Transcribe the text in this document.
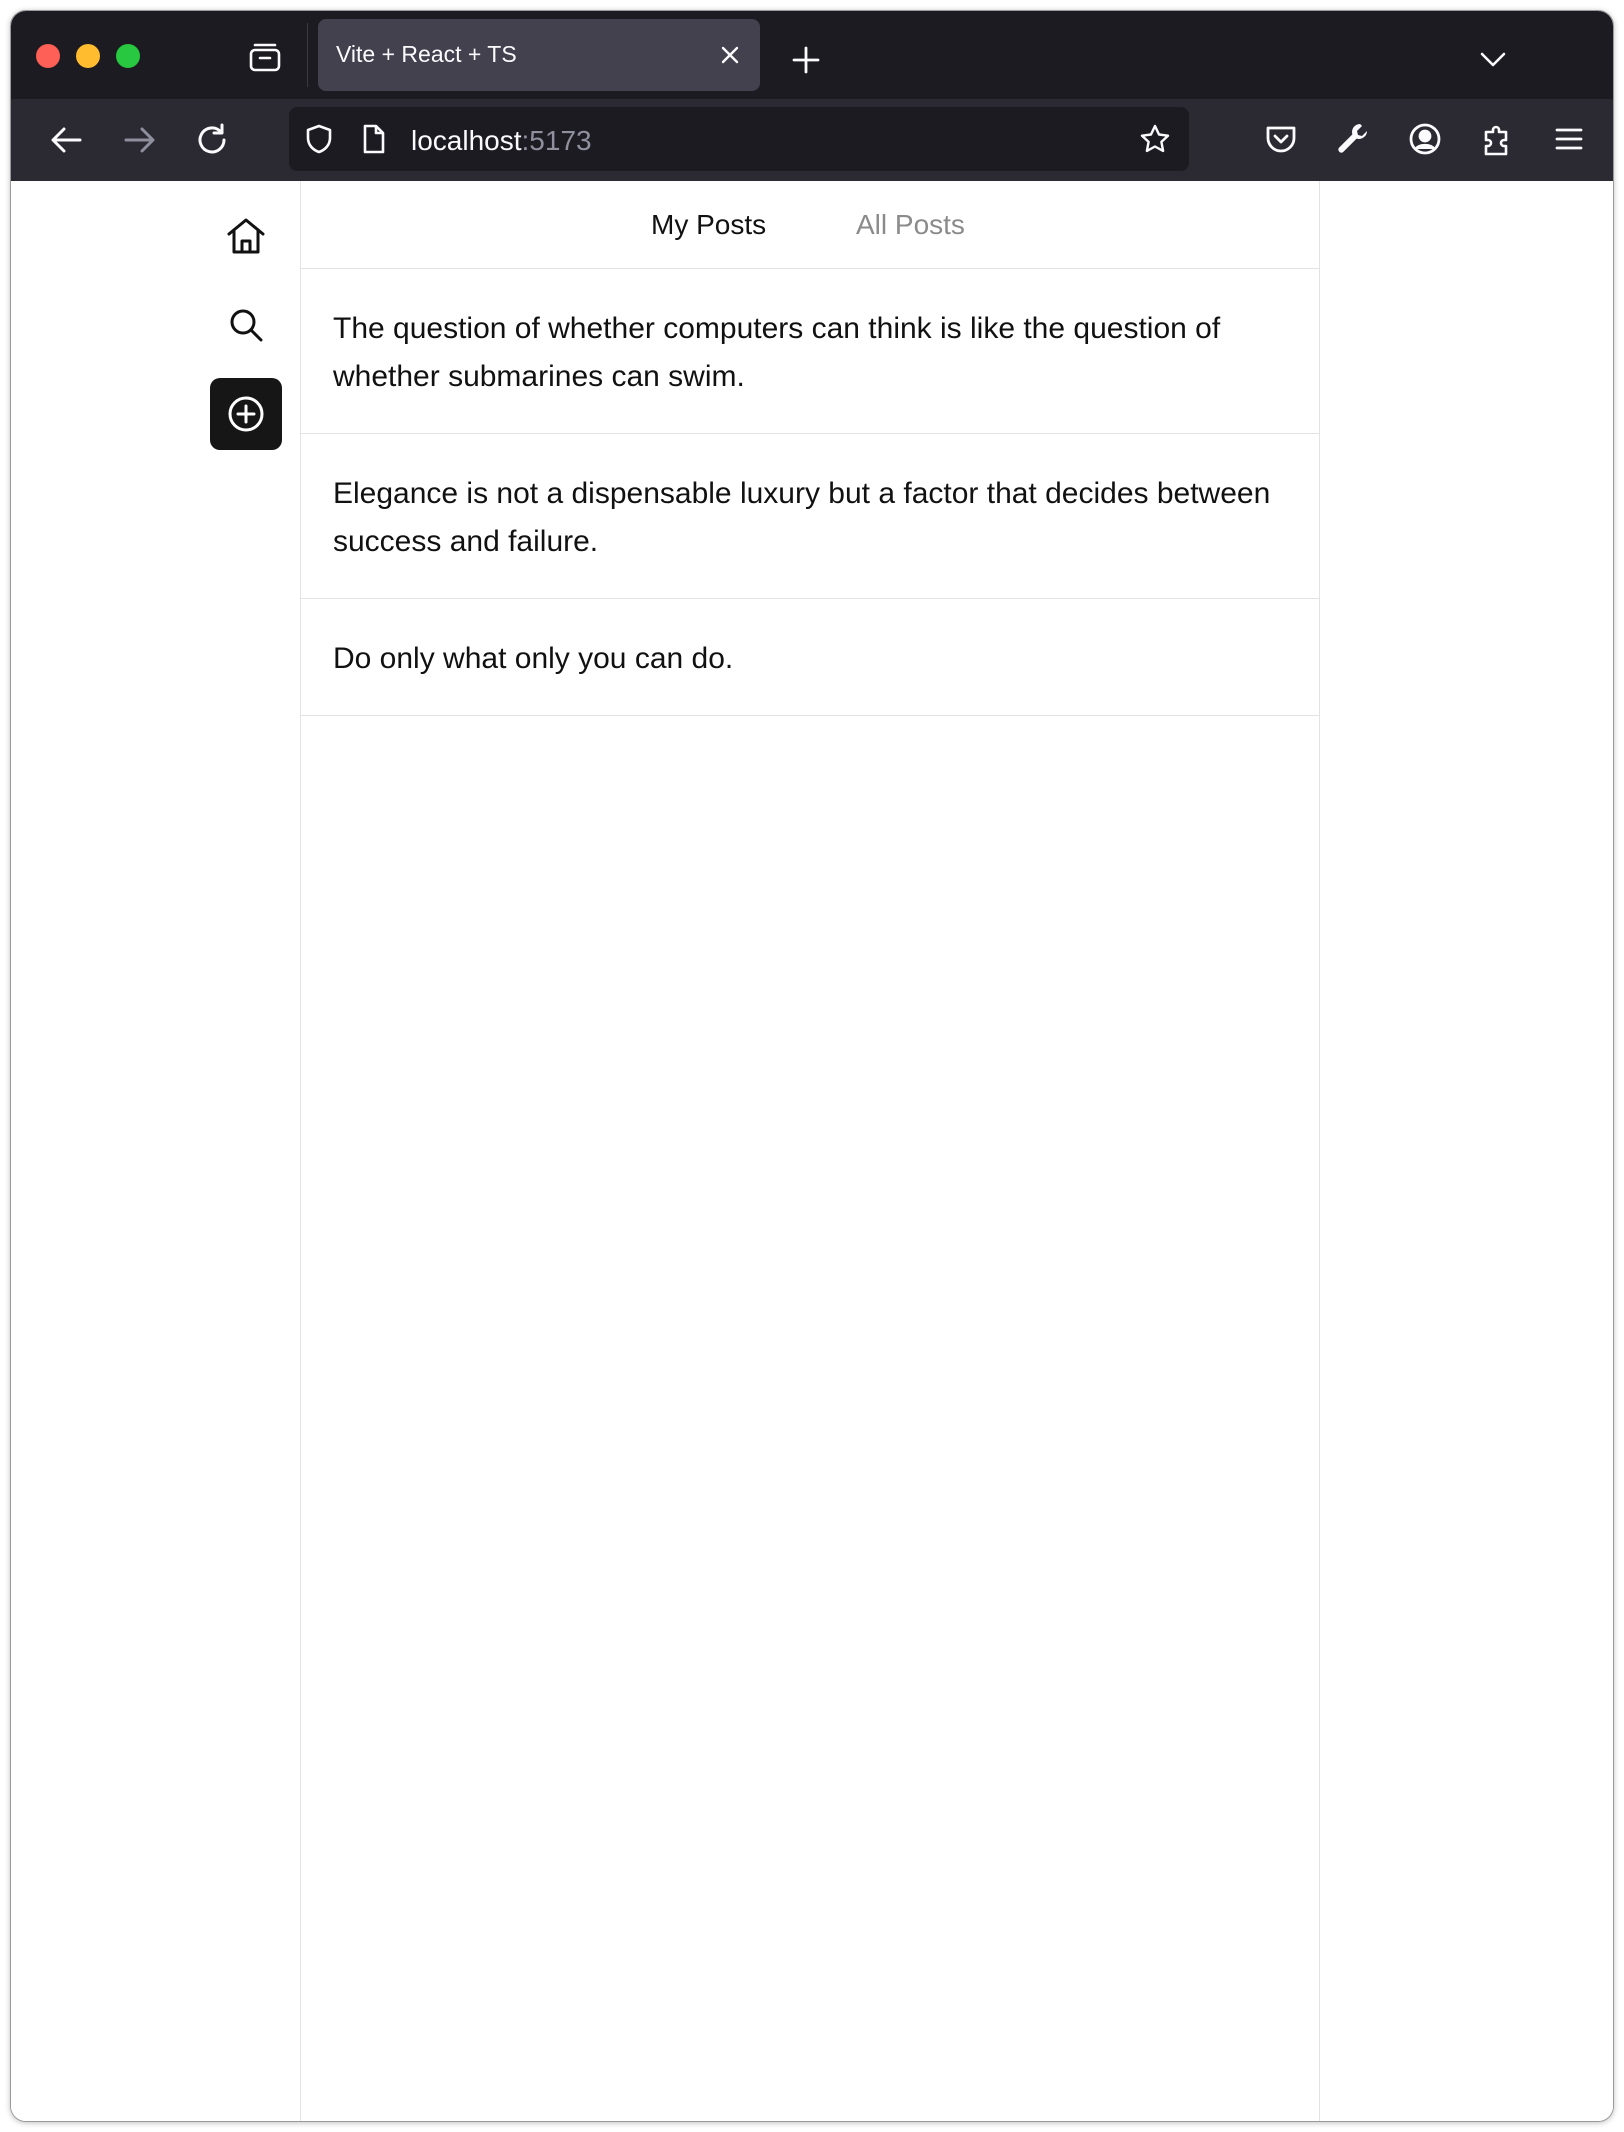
Vite + React + TS
localhost:5173
My Posts	All Posts
The question of whether computers can think is like the question of whether submarines can swim.
Elegance is not a dispensable luxury but a factor that decides between success and failure.
Do only what only you can do.
